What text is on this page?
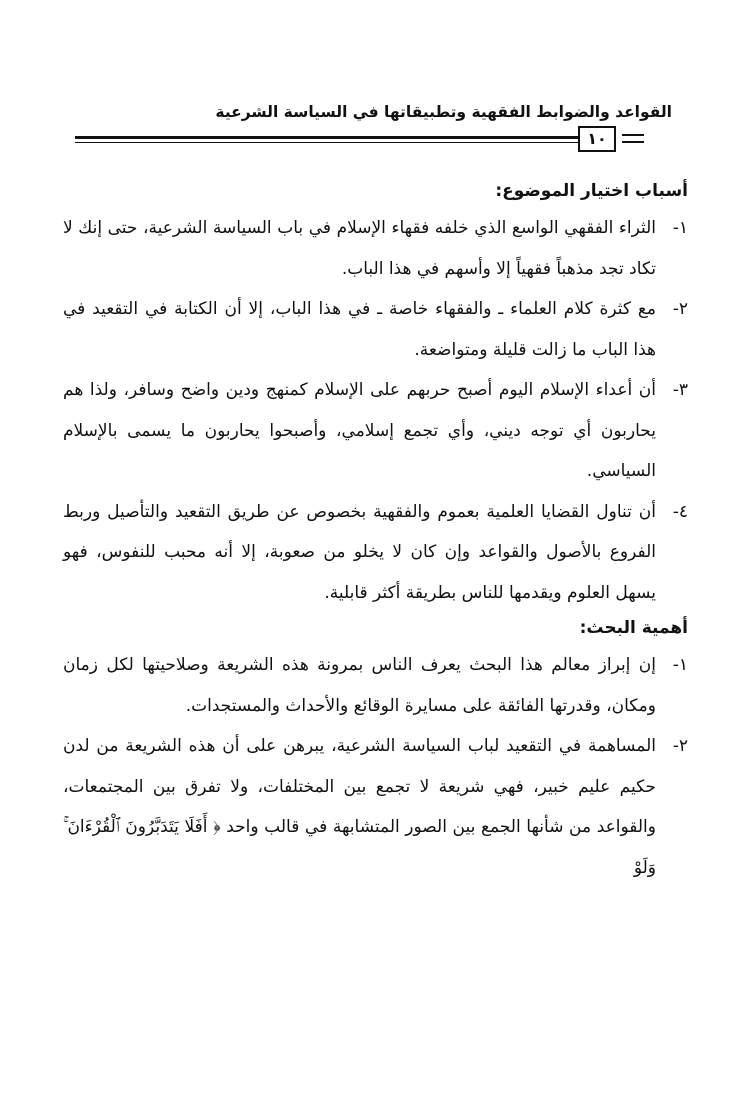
القواعد والضوابط الفقهية وتطبيقاتها في السياسة الشرعية
١٠
أسباب اختيار الموضوع:
١-
الثراء الفقهي الواسع الذي خلفه فقهاء الإسلام في باب السياسة الشرعية، حتى إنك لا تكاد تجد مذهباً فقهياً إلا وأسهم في هذا الباب.
٢-
مع كثرة كلام العلماء ـ والفقهاء خاصة ـ في هذا الباب، إلا أن الكتابة في التقعيد في هذا الباب ما زالت قليلة ومتواضعة.
٣-
أن أعداء الإسلام اليوم أصبح حربهم على الإسلام كمنهج ودين واضح وسافر، ولذا هم يحاربون أي توجه ديني، وأي تجمع إسلامي، وأصبحوا يحاربون ما يسمى بالإسلام السياسي.
٤-
أن تناول القضايا العلمية بعموم والفقهية بخصوص عن طريق التقعيد والتأصيل وربط الفروع بالأصول والقواعد وإن كان لا يخلو من صعوبة، إلا أنه محبب للنفوس، فهو يسهل العلوم ويقدمها للناس بطريقة أكثر قابلية.
أهمية البحث:
١-
إن إبراز معالم هذا البحث يعرف الناس بمرونة هذه الشريعة وصلاحيتها لكل زمان ومكان، وقدرتها الفائقة على مسايرة الوقائع والأحداث والمستجدات.
٢-
المساهمة في التقعيد لباب السياسة الشرعية، يبرهن على أن هذه الشريعة من لدن حكيم عليم خبير، فهي شريعة لا تجمع بين المختلفات، ولا تفرق بين المجتمعات، والقواعد من شأنها الجمع بين الصور المتشابهة في قالب واحد ﴿ أَفَلَا يَتَدَبَّرُونَ ٱلْقُرْءَانَ ۚ وَلَوْ
